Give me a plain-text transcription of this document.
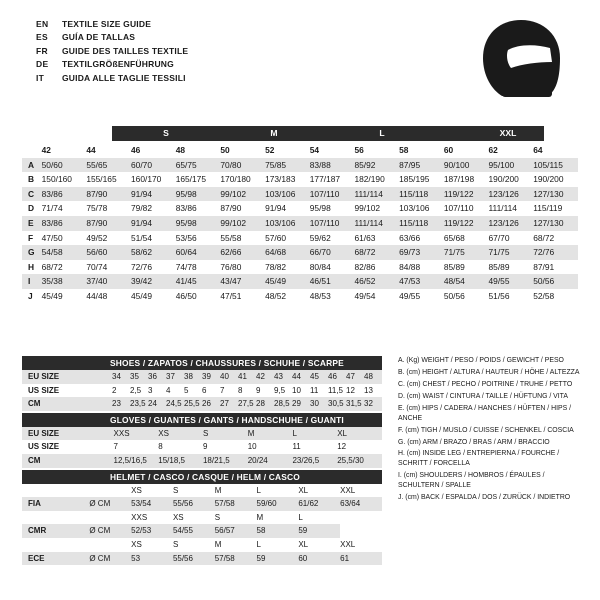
EN	TEXTILE SIZE GUIDE
ES	GUÍA DE TALLAS
FR	GUIDE DES TAILLES TEXTILE
DE	TEXTILGRÖßENFÜHRUNG
IT	GUIDA ALLE TAGLIE TESSILI
S	M	L	XXL
	42	44	46	48	50	52	54	56	58	60	62	64
A	50/60	55/65	60/70	65/75	70/80	75/85	83/88	85/92	87/95	90/100	95/100	105/115
B	150/160	155/165	160/170	165/175	170/180	173/183	177/187	182/190	185/195	187/198	190/200	190/200
C	83/86	87/90	91/94	95/98	99/102	103/106	107/110	111/114	115/118	119/122	123/126	127/130
D	71/74	75/78	79/82	83/86	87/90	91/94	95/98	99/102	103/106	107/110	111/114	115/119
E	83/86	87/90	91/94	95/98	99/102	103/106	107/110	111/114	115/118	119/122	123/126	127/130
F	47/50	49/52	51/54	53/56	55/58	57/60	59/62	61/63	63/66	65/68	67/70	68/72
G	54/58	56/60	58/62	60/64	62/66	64/68	66/70	68/72	69/73	71/75	71/75	72/76
H	68/72	70/74	72/76	74/78	76/80	78/82	80/84	82/86	84/88	85/89	85/89	87/91
I	35/38	37/40	39/42	41/45	43/47	45/49	46/51	46/52	47/53	48/54	49/55	50/56
J	45/49	44/48	45/49	46/50	47/51	48/52	48/53	49/54	49/55	50/56	51/56	52/58
SHOES / ZAPATOS / CHAUSSURES / SCHUHE / SCARPE
EU SIZE	34	35	36	37	38	39	40	41	42	43	44	45	46	47	48
US SIZE	2	2,5	3	4	5	6	7	8	9	9,5	10	11	11,5	12	13
CM	23	23,5	24	24,5	25,5	26	27	27,5	28	28,5	29	30	30,5	31,5	32
GLOVES / GUANTES / GANTS / HANDSCHUHE / GUANTI
EU SIZE	XXS	XS	S	M	L	XL
US SIZE	7	8	9	10	11	12
CM	12,5/16,5	15/18,5	18/21,5	20/24	23/26,5	25,5/30
HELMET / CASCO / CASQUE / HELM / CASCO
		XS	S	M	L	XL	XXL
FIA	Ø CM	53/54	55/56	57/58	59/60	61/62	63/64
		XXS	XS	S	M	L	
CMR	Ø CM	52/53	54/55	56/57	58	59	
		XS	S	M	L	XL	XXL
ECE	Ø CM	53	55/56	57/58	59	60	61
A. (Kg) WEIGHT / PESO / POIDS / GEWICHT / PESO
B. (cm) HEIGHT / ALTURA / HAUTEUR / HÖHE / ALTEZZA
C. (cm) CHEST / PECHO / POITRINE / TRUHE / PETTO
D. (cm) WAIST / CINTURA / TAILLE / HÜFTUNG / VITA
E. (cm) HIPS / CADERA / HANCHES / HÜFTEN / HIPS / ANCHE
F. (cm) TIGH / MUSLO / CUISSE / SCHENKEL / COSCIA
G. (cm) ARM / BRAZO / BRAS / ARM / BRACCIO
H. (cm) INSIDE LEG / ENTREPIERNA / FOURCHE / SCHRITT / FORCELLA
I. (cm) SHOULDERS / HOMBROS / ÉPAULES / SCHULTERN / SPALLE
J. (cm) BACK / ESPALDA / DOS / ZURÜCK / INDIETRO
